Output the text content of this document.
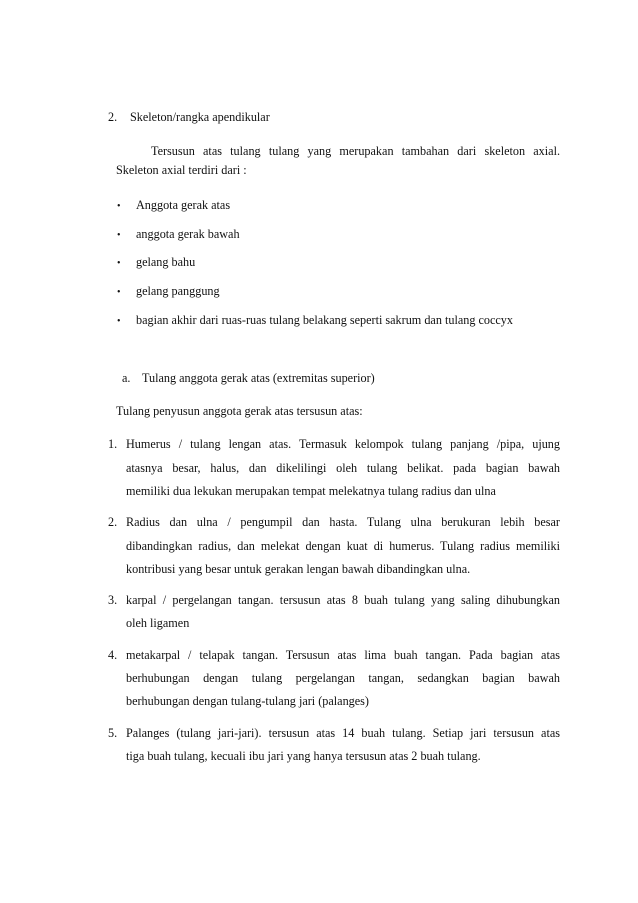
2. Skeleton/rangka apendikular
Tersusun atas tulang tulang yang merupakan tambahan dari skeleton axial.
Skeleton axial terdiri dari :
• Anggota gerak atas
• anggota gerak bawah
• gelang bahu
• gelang panggung
• bagian akhir dari ruas-ruas tulang belakang seperti sakrum dan tulang coccyx
a. Tulang anggota gerak atas (extremitas superior)
Tulang penyusun anggota gerak atas tersusun atas:
1. Humerus / tulang lengan atas. Termasuk kelompok tulang panjang /pipa, ujung
atasnya besar, halus, dan dikelilingi oleh tulang belikat. pada bagian bawah
memiliki dua lekukan merupakan tempat melekatnya tulang radius dan ulna
2. Radius dan ulna / pengumpil dan hasta. Tulang ulna berukuran lebih besar
dibandingkan radius, dan melekat dengan kuat di humerus. Tulang radius memiliki
kontribusi yang besar untuk gerakan lengan bawah dibandingkan ulna.
3. karpal / pergelangan tangan. tersusun atas 8 buah tulang yang saling dihubungkan
oleh ligamen
4. metakarpal / telapak tangan. Tersusun atas lima buah tangan. Pada bagian atas
berhubungan dengan tulang pergelangan tangan, sedangkan bagian bawah
berhubungan dengan tulang-tulang jari (palanges)
5. Palanges (tulang jari-jari). tersusun atas 14 buah tulang. Setiap jari tersusun atas
tiga buah tulang, kecuali ibu jari yang hanya tersusun atas 2 buah tulang.
